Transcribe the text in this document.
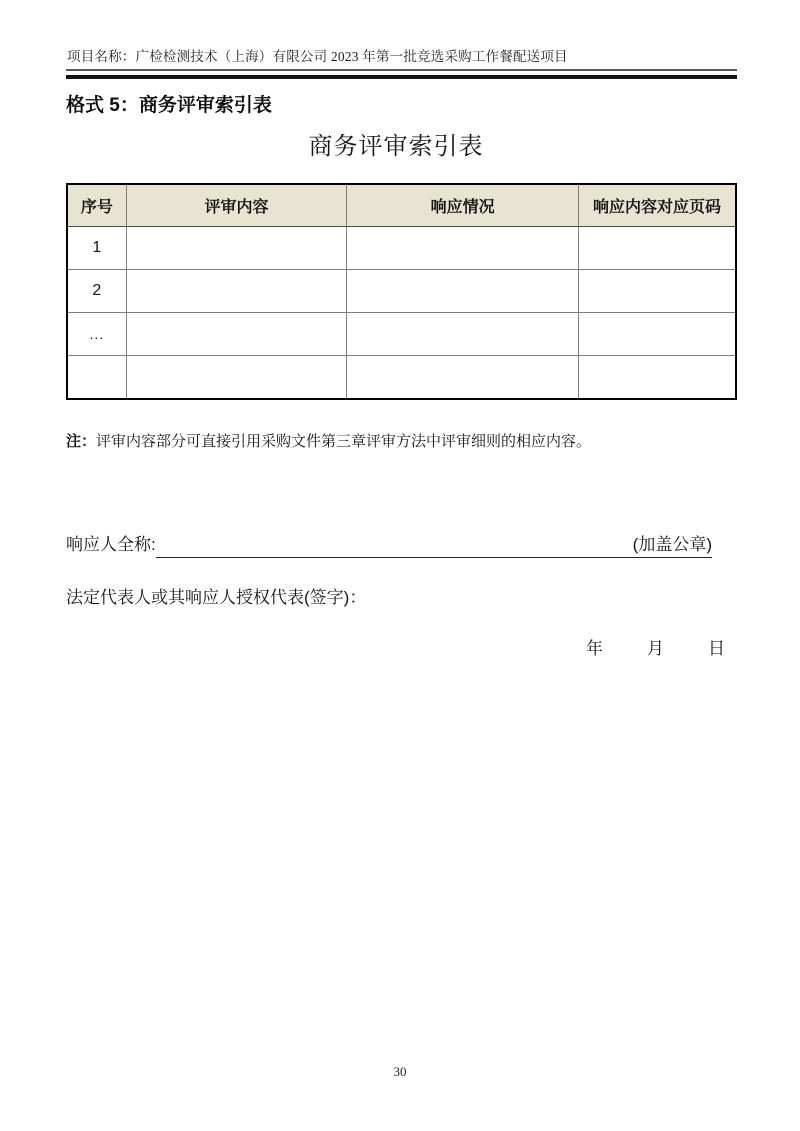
项目名称：广检检测技术（上海）有限公司 2023 年第一批竞选采购工作餐配送项目
格式 5：商务评审索引表
商务评审索引表
序号	评审内容	响应情况	响应内容对应页码
1			
2			
...			

注：评审内容部分可直接引用采购文件第三章评审方法中评审细则的相应内容。
响应人全称:	(加盖公章)
法定代表人或其响应人授权代表(签字)：
年	月	日
30
